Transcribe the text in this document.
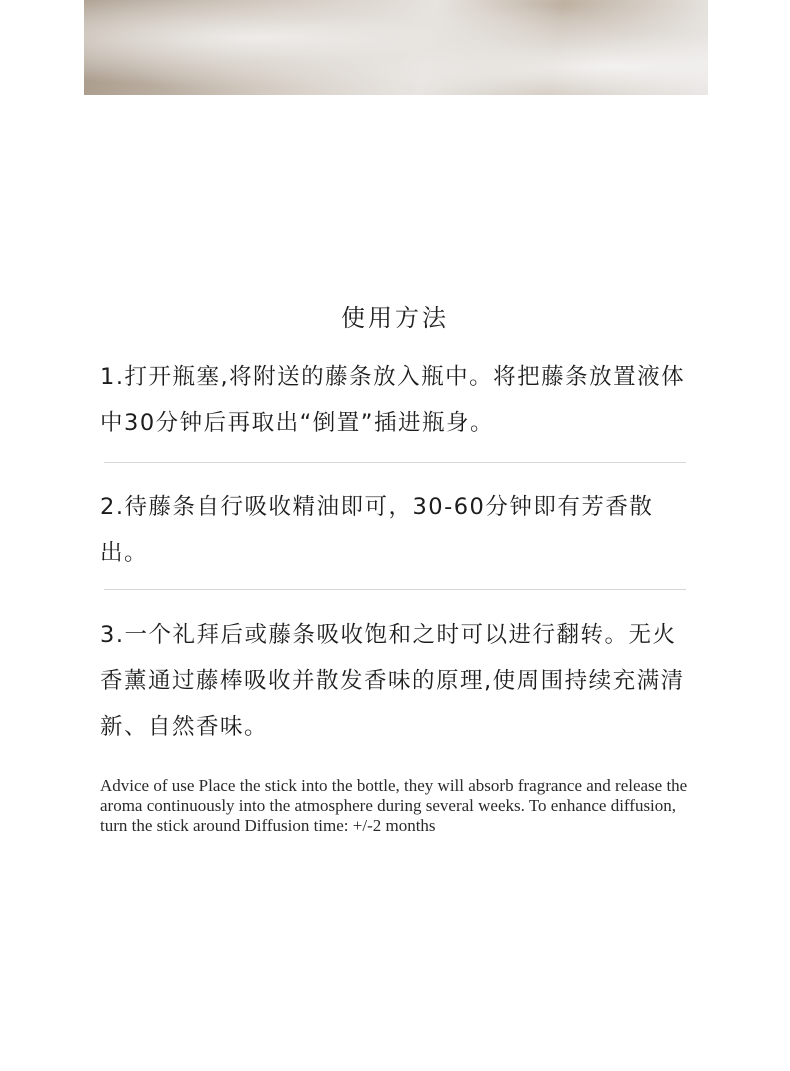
使用方法
1.打开瓶塞,将附送的藤条放入瓶中。将把藤条放置液体中30分钟后再取出“倒置”插进瓶身。
2.待藤条自行吸收精油即可，30-60分钟即有芳香散出。
3.一个礼拜后或藤条吸收饱和之时可以进行翻转。无火香薰通过藤棒吸收并散发香味的原理,使周围持续充满清新、自然香味。
Advice of use Place the stick into the bottle, they will absorb fragrance and release the aroma continuously into the atmosphere during several weeks. To enhance diffusion, turn the stick around Diffusion time: +/-2 months
